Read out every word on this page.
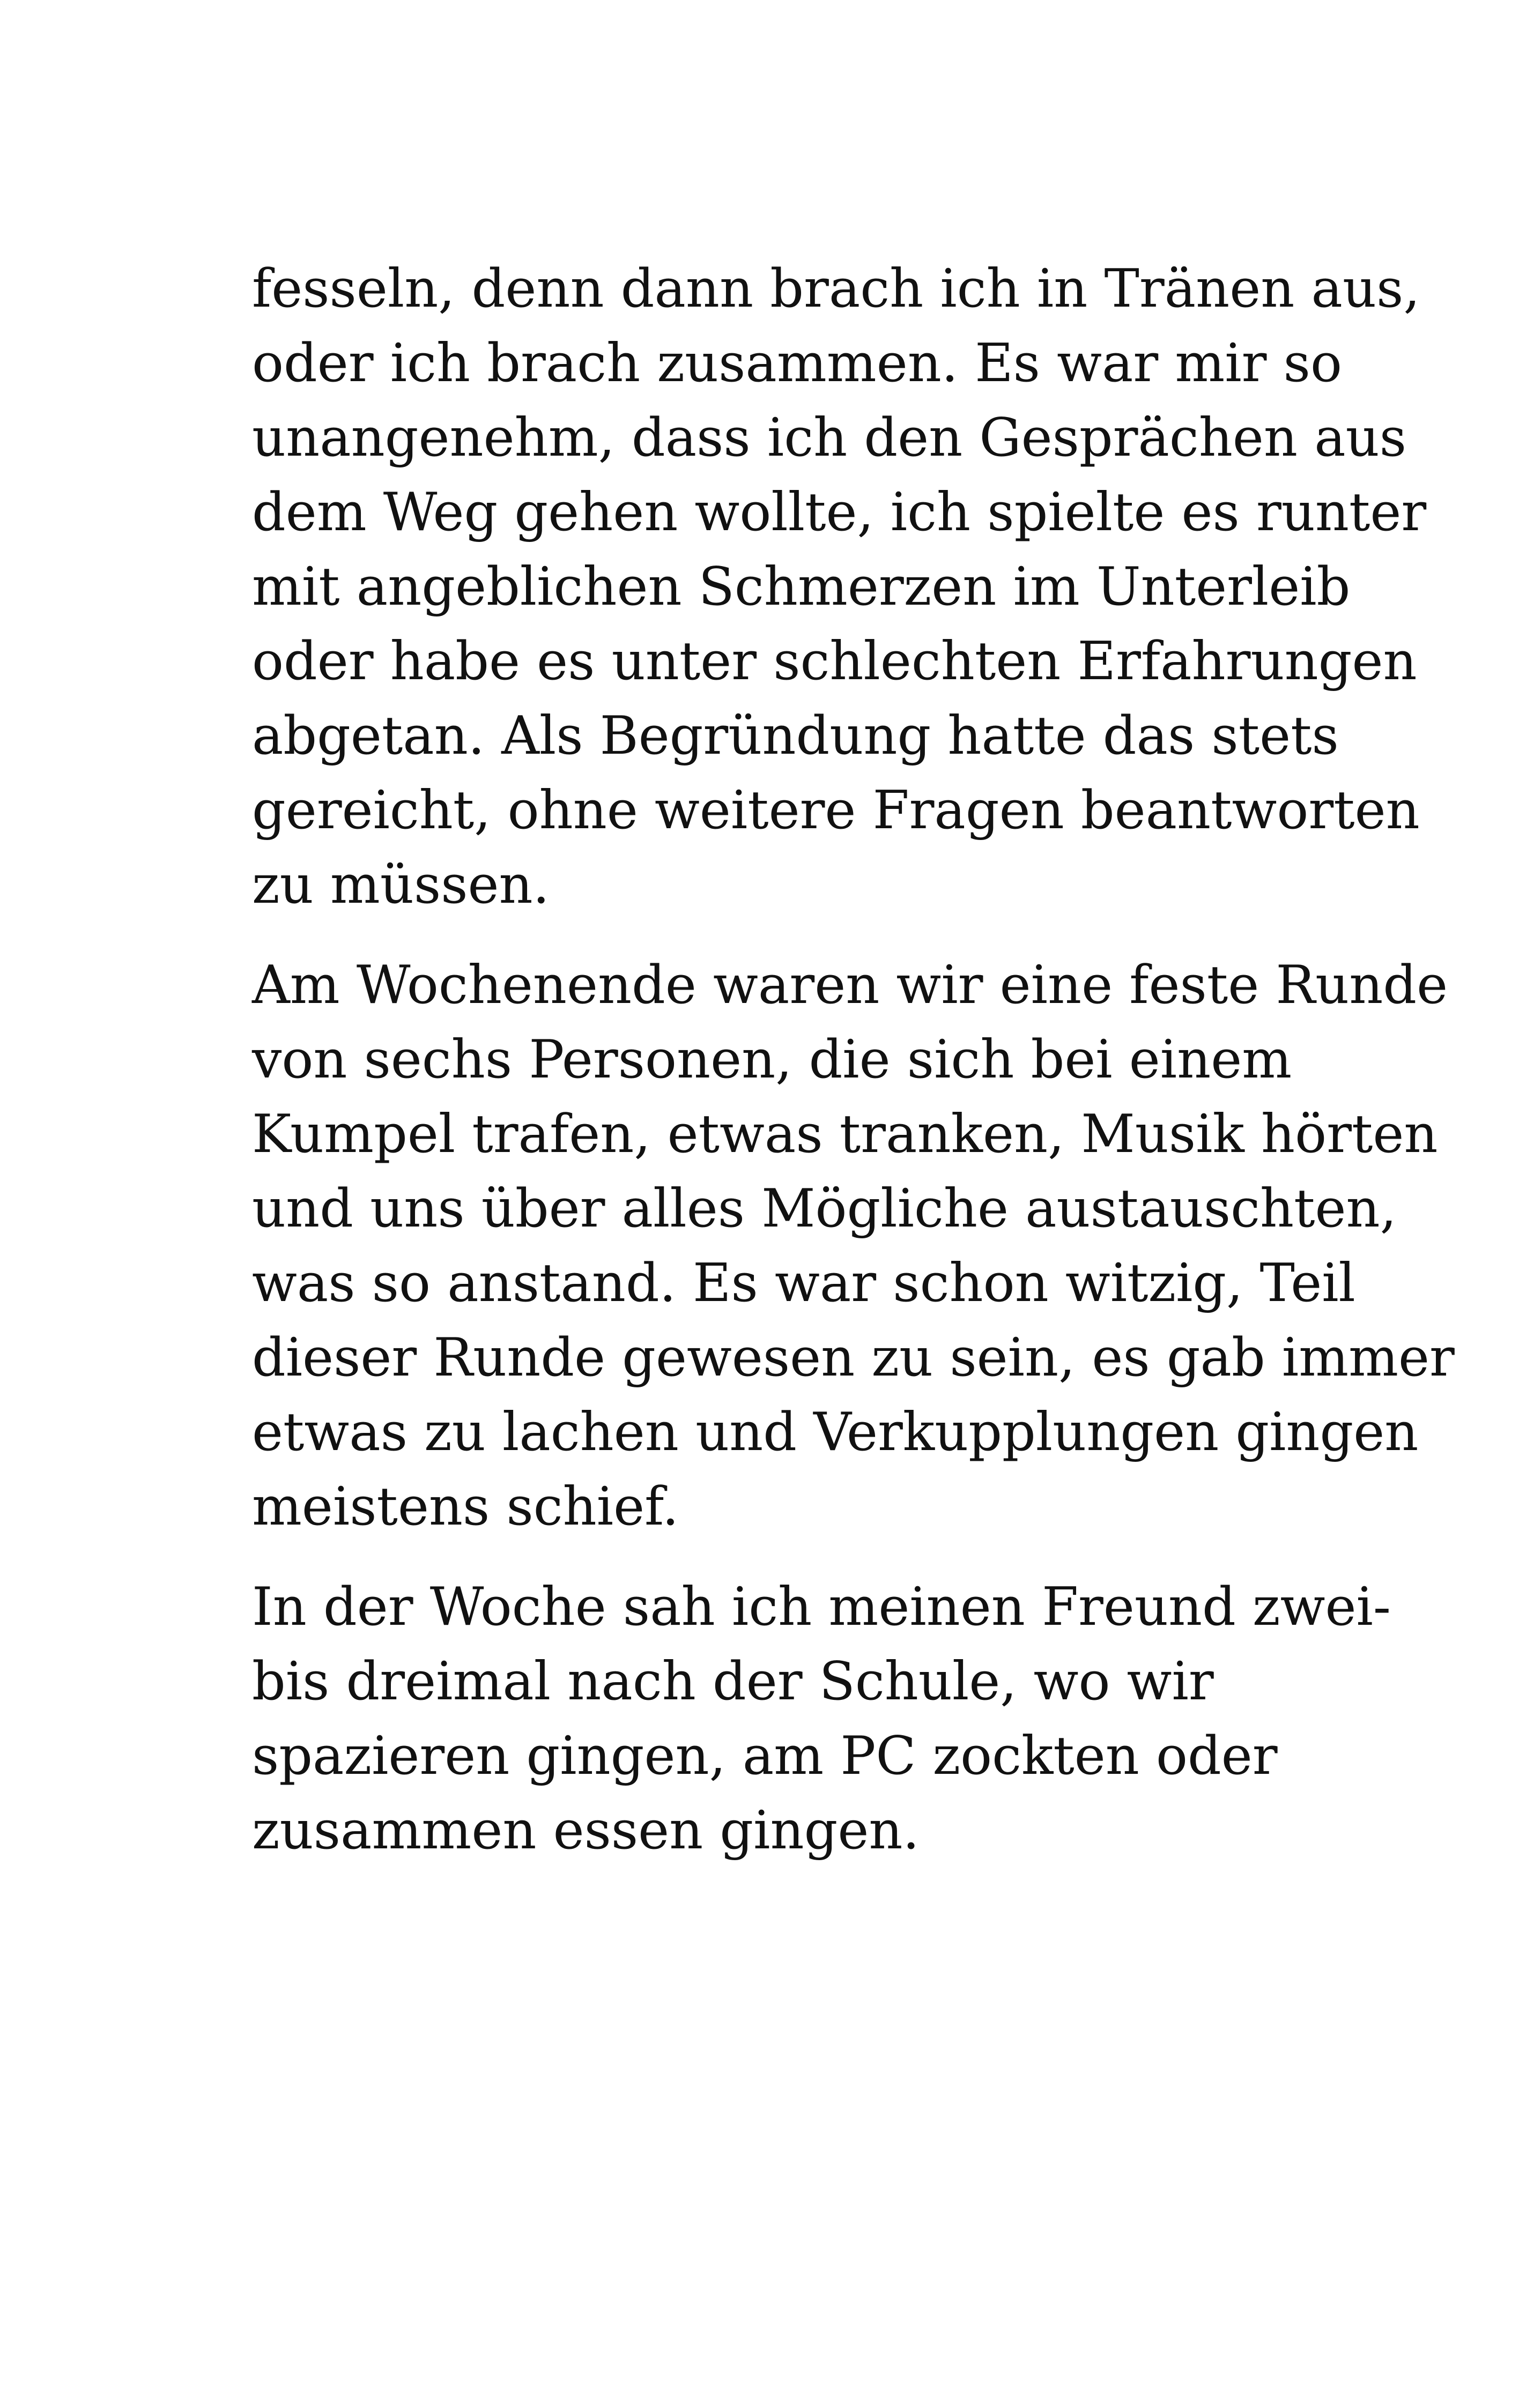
fesseln, denn dann brach ich in Tränen aus,
oder ich brach zusammen. Es war mir so
unangenehm, dass ich den Gesprächen aus
dem Weg gehen wollte, ich spielte es runter
mit angeblichen Schmerzen im Unterleib
oder habe es unter schlechten Erfahrungen
abgetan. Als Begründung hatte das stets
gereicht, ohne weitere Fragen beantworten
zu müssen.

Am Wochenende waren wir eine feste Runde
von sechs Personen, die sich bei einem
Kumpel trafen, etwas tranken, Musik hörten
und uns über alles Mögliche austauschten,
was so anstand. Es war schon witzig, Teil
dieser Runde gewesen zu sein, es gab immer
etwas zu lachen und Verkupplungen gingen
meistens schief.

In der Woche sah ich meinen Freund zwei-
bis dreimal nach der Schule, wo wir
spazieren gingen, am PC zockten oder
zusammen essen gingen.
